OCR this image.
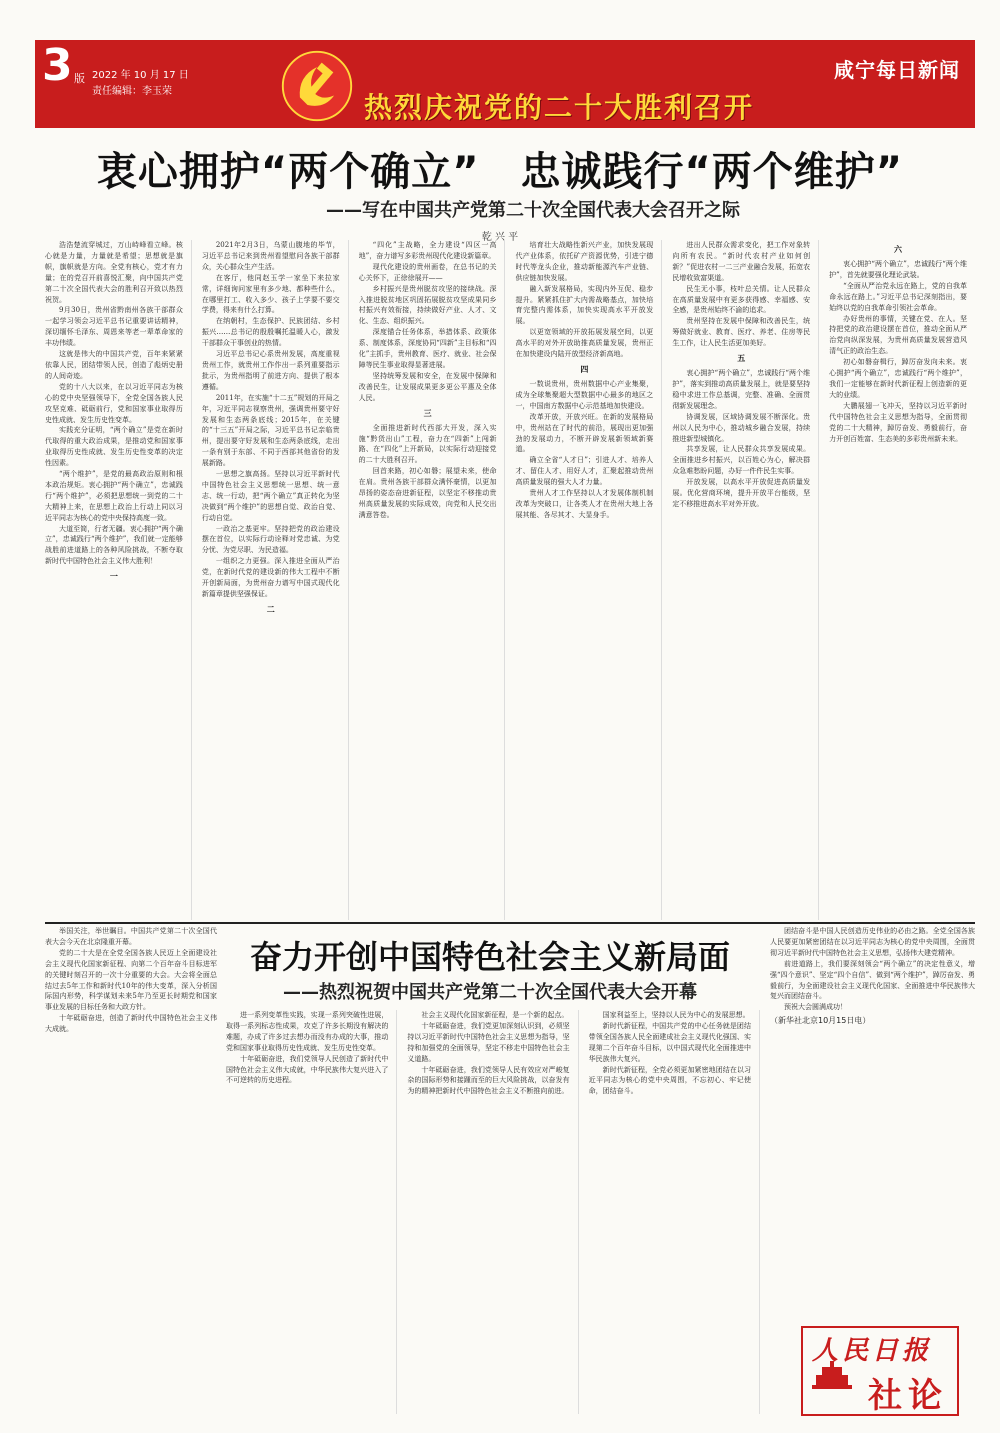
3 版 2022 年 10 月 17 日
责任编辑：李玉荣
咸宁每日新闻
热烈庆祝党的二十大胜利召开
衷心拥护“两个确立”　忠诚践行“两个维护”
——写在中国共产党第二十次全国代表大会召开之际
乾 兴 平

浩浩楚流穿城过，万山峙峰看立峰。核心就是力量，力量就是希望；思想就是旗帜，旗帜就是方向。全党有核心，党才有力量；在的党召开前喜悦汇聚，向中国共产党第二十次全国代表大会的胜利召开致以热烈祝贺。

9月30日，贵州省黔南州各族干部群众一起学习领会习近平总书记重要讲话精神，深切缅怀毛泽东、周恩来等老一辈革命家的丰功伟绩。

这就是伟大的中国共产党，百年来紧紧依靠人民，团结带领人民，创造了彪炳史册的人间奇迹。

党的十八大以来，在以习近平同志为核心的党中央坚强领导下，全党全国各族人民攻坚克难、砥砺前行，党和国家事业取得历史性成就、发生历史性变革。

实践充分证明，“两个确立”是党在新时代取得的重大政治成果，是推动党和国家事业取得历史性成就、发生历史性变革的决定性因素。

“两个维护”，是党的最高政治原则和根本政治规矩。衷心拥护“两个确立”，忠诚践行“两个维护”，必须把思想统一到党的二十大精神上来，在思想上政治上行动上同以习近平同志为核心的党中央保持高度一致。

大道至简，行者无疆。衷心拥护“两个确立”，忠诚践行“两个维护”，我们就一定能够战胜前进道路上的各种风险挑战，不断夺取新时代中国特色社会主义伟大胜利！

一

2021年2月3日，乌蒙山腹地的毕节，习近平总书记来到贵州看望慰问各族干部群众，关心群众生产生活。

在客厅，他同赵玉学一家坐下来拉家常，详细询问家里有多少地、都种些什么，在哪里打工、收入多少、孩子上学要不要交学费，得来有什么打算。

在纳朝村，生态保护、民族团结、乡村振兴……总书记的殷殷嘱托温暖人心，激发干部群众干事创业的热情。

习近平总书记心系贵州发展，高度重视贵州工作，就贵州工作作出一系列重要指示批示，为贵州指明了前进方向、提供了根本遵循。

2011年，在实施“十二五”规划的开局之年，习近平同志视察贵州，强调贵州要守好发展和生态两条底线；2015年，在关键的“十三五”开局之际，习近平总书记亲临贵州，提出要守好发展和生态两条底线，走出一条有别于东部、不同于西部其他省份的发展新路。

一思想之旗高扬。坚持以习近平新时代中国特色社会主义思想统一思想、统一意志、统一行动，把“两个确立”真正转化为坚决做到“两个维护”的思想自觉、政治自觉、行动自觉。

一政治之基更牢。坚持把党的政治建设摆在首位，以实际行动诠释对党忠诚、为党分忧、为党尽职、为民造福。

一组织之力更强。深入推进全面从严治党，在新时代党的建设新的伟大工程中不断开创新局面，为贵州奋力谱写中国式现代化新篇章提供坚强保证。

二

“四化”主战略，全力建设“四区一高地”，奋力谱写多彩贵州现代化建设新篇章。

现代化建设的贵州画卷，在总书记的关心关怀下，正徐徐展开——

乡村振兴是贵州脱贫攻坚的接续战。深入推进脱贫地区巩固拓展脱贫攻坚成果同乡村振兴有效衔接，持续做好产业、人才、文化、生态、组织振兴。

深度锚合任务体系，举措体系、政策体系、制度体系，深度协同“四新”主目标和“四化”主抓手，贵州教育、医疗、就业、社会保障等民生事业取得显著进展。

坚持统筹发展和安全，在发展中保障和改善民生，让发展成果更多更公平惠及全体人民。

三

全面推进新时代西部大开发，深入实施“黔货出山”工程，奋力在“四新”上闯新路、在“四化”上开新局，以实际行动迎接党的二十大胜利召开。

回首来路，初心如磐；展望未来，使命在肩。贵州各族干部群众满怀豪情，以更加昂扬的姿态奋进新征程，以坚定不移推动贵州高质量发展的实际成效，向党和人民交出满意答卷。

培育壮大战略性新兴产业，加快发展现代产业体系，依托矿产资源优势，引进宁德时代等龙头企业，推动新能源汽车产业链、供应链加快发展。

融入新发展格局，实现内外互促、稳步提升。紧紧抓住扩大内需战略基点，加快培育完整内需体系，加快实现高水平开放发展。

以更宽领域的开放拓展发展空间，以更高水平的对外开放助推高质量发展，贵州正在加快建设内陆开放型经济新高地。

四

一数说贵州，贵州数据中心产业集聚，成为全球集聚超大型数据中心最多的地区之一，中国南方数据中心示范基地加快建设。

改革开放，开放兴旺。在新的发展格局中，贵州站在了时代的前沿，展现出更加强劲的发展动力，不断开辟发展新领域新赛道。

确立全省“人才日”；引进人才、培养人才、留住人才、用好人才，汇聚起推动贵州高质量发展的强大人才力量。

贵州人才工作坚持以人才发展体制机制改革为突破口，让各类人才在贵州大地上各展其能、各尽其才、大显身手。

进出人民群众需求变化，把工作对象转向所有农民。“新时代农村产业如何创新？”促进农村一二三产业融合发展，拓宽农民增收致富渠道。

民生无小事，枝叶总关情。让人民群众在高质量发展中有更多获得感、幸福感、安全感，是贵州始终不渝的追求。

贵州坚持在发展中保障和改善民生，统筹做好就业、教育、医疗、养老、住房等民生工作，让人民生活更加美好。

五

衷心拥护“两个确立”，忠诚践行“两个维护”，落实到推动高质量发展上，就是要坚持稳中求进工作总基调，完整、准确、全面贯彻新发展理念。

协调发展，区域协调发展不断深化。贵州以人民为中心，推动城乡融合发展，持续推进新型城镇化。

共享发展，让人民群众共享发展成果。全面推进乡村振兴，以百姓心为心，解决群众急难愁盼问题，办好一件件民生实事。

开放发展，以高水平开放促进高质量发展。优化营商环境，提升开放平台能级，坚定不移推进高水平对外开放。

六

衷心拥护“两个确立”，忠诚践行“两个维护”，首先就要强化理论武装。

“全面从严治党永远在路上，党的自我革命永远在路上。”习近平总书记深刻指出，要始终以党的自我革命引领社会革命。

办好贵州的事情，关键在党、在人。坚持把党的政治建设摆在首位，推动全面从严治党向纵深发展，为贵州高质量发展营造风清气正的政治生态。

初心如磐奋楫行，踔厉奋发向未来。衷心拥护“两个确立”，忠诚践行“两个维护”，我们一定能够在新时代新征程上创造新的更大的业绩。

大鹏展翅一飞冲天，坚持以习近平新时代中国特色社会主义思想为指导，全面贯彻党的二十大精神，踔厉奋发、勇毅前行，奋力开创百姓富、生态美的多彩贵州新未来。

举国关注，举世瞩目。中国共产党第二十次全国代表大会今天在北京隆重开幕。

党的二十大是在全党全国各族人民迈上全面建设社会主义现代化国家新征程、向第二个百年奋斗目标进军的关键时刻召开的一次十分重要的大会。大会将全面总结过去5年工作和新时代10年的伟大变革，深入分析国际国内形势，科学谋划未来5年乃至更长时期党和国家事业发展的目标任务和大政方针。

十年砥砺奋进，创造了新时代中国特色社会主义伟大成就。

奋力开创中国特色社会主义新局面
——热烈祝贺中国共产党第二十次全国代表大会开幕

进一系列变革性实践，实现一系列突破性进展，取得一系列标志性成果，攻克了许多长期没有解决的难题，办成了许多过去想办而没有办成的大事，推动党和国家事业取得历史性成就、发生历史性变革。

十年砥砺奋进，我们党领导人民创造了新时代中国特色社会主义伟大成就，中华民族伟大复兴进入了不可逆转的历史进程。

社会主义现代化国家新征程，是一个新的起点。

十年砥砺奋进，我们党更加深刻认识到，必须坚持以习近平新时代中国特色社会主义思想为指导，坚持和加强党的全面领导，坚定不移走中国特色社会主义道路。

十年砥砺奋进，我们党领导人民有效应对严峻复杂的国际形势和接踵而至的巨大风险挑战，以奋发有为的精神把新时代中国特色社会主义不断推向前进。

国家利益至上，坚持以人民为中心的发展思想。

新时代新征程，中国共产党的中心任务就是团结带领全国各族人民全面建成社会主义现代化强国、实现第二个百年奋斗目标，以中国式现代化全面推进中华民族伟大复兴。

新时代新征程，全党必须更加紧密地团结在以习近平同志为核心的党中央周围，不忘初心、牢记使命，团结奋斗。

团结奋斗是中国人民创造历史伟业的必由之路。全党全国各族人民要更加紧密团结在以习近平同志为核心的党中央周围，全面贯彻习近平新时代中国特色社会主义思想，弘扬伟大建党精神。

前进道路上，我们要深刻领会“两个确立”的决定性意义，增强“四个意识”、坚定“四个自信”、做到“两个维护”，踔厉奋发、勇毅前行，为全面建设社会主义现代化国家、全面推进中华民族伟大复兴而团结奋斗。

预祝大会圆满成功！

（新华社北京10月15日电）
人民日报
社论
